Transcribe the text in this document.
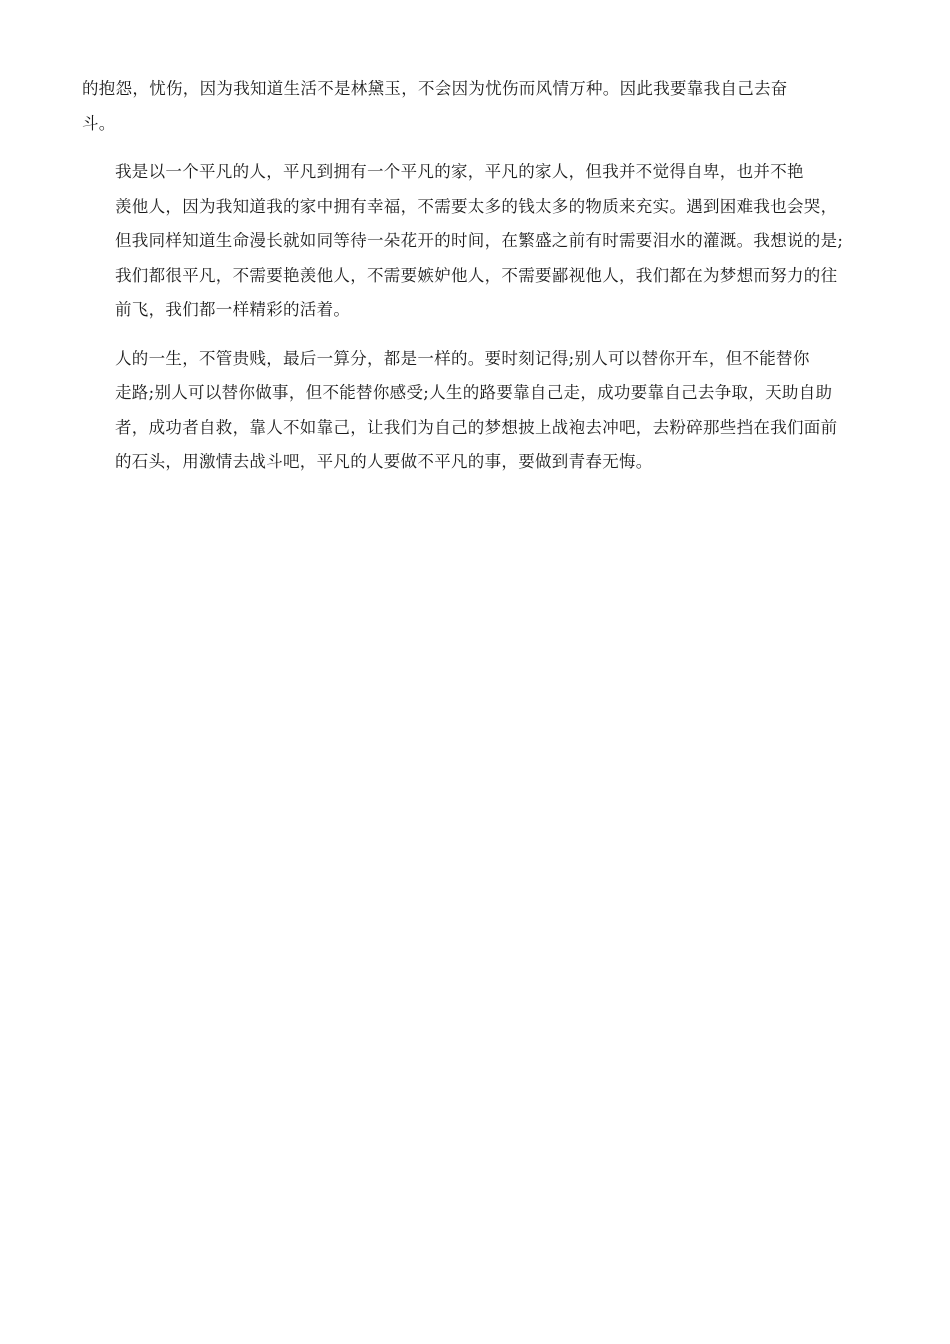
的抱怨，忧伤，因为我知道生活不是林黛玉，不会因为忧伤而风情万种。因此我要靠我自己去奋
斗。

我是以一个平凡的人，平凡到拥有一个平凡的家，平凡的家人，但我并不觉得自卑，也并不艳
羡他人，因为我知道我的家中拥有幸福，不需要太多的钱太多的物质来充实。遇到困难我也会哭，
但我同样知道生命漫长就如同等待一朵花开的时间，在繁盛之前有时需要泪水的灌溉。我想说的是;
我们都很平凡，不需要艳羡他人，不需要嫉妒他人，不需要鄙视他人，我们都在为梦想而努力的往
前飞，我们都一样精彩的活着。

人的一生，不管贵贱，最后一算分，都是一样的。要时刻记得;别人可以替你开车，但不能替你
走路;别人可以替你做事，但不能替你感受;人生的路要靠自己走，成功要靠自己去争取，天助自助
者，成功者自救，靠人不如靠己，让我们为自己的梦想披上战袍去冲吧，去粉碎那些挡在我们面前
的石头，用激情去战斗吧，平凡的人要做不平凡的事，要做到青春无悔。
